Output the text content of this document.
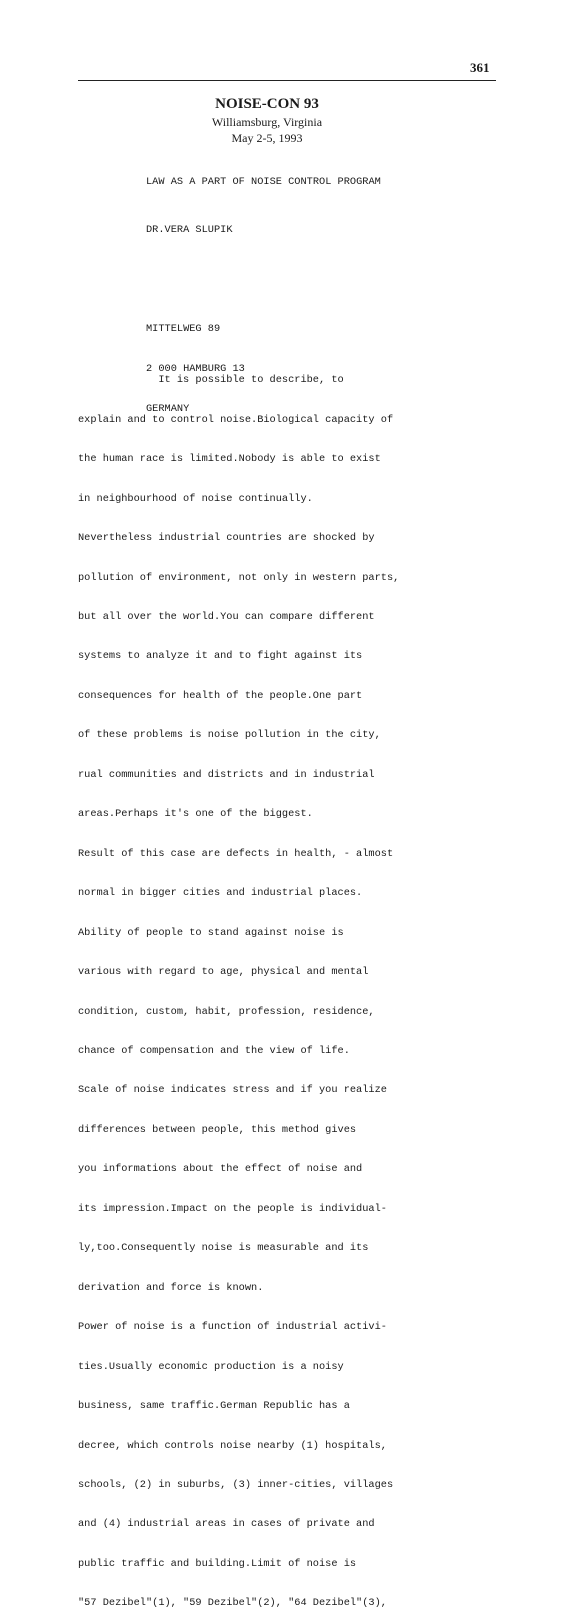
361
NOISE-CON 93
Williamsburg, Virginia
May 2-5, 1993
LAW AS A PART OF NOISE CONTROL PROGRAM
DR.VERA SLUPIK

MITTELWEG 89

2 000 HAMBURG 13

GERMANY

It is possible to describe, to

explain and to control noise.Biological capacity of

the human race is limited.Nobody is able to exist

in neighbourhood of noise continually.

Nevertheless industrial countries are shocked by

pollution of environment, not only in western parts,

but all over the world.You can compare different

systems to analyze it and to fight against its

consequences for health of the people.One part

of these problems is noise pollution in the city,

rual communities and districts and in industrial

areas.Perhaps it's one of the biggest.

Result of this case are defects in health, - almost

normal in bigger cities and industrial places.

Ability of people to stand against noise is

various with regard to age, physical and mental

condition, custom, habit, profession, residence,

chance of compensation and the view of life.

Scale of noise indicates stress and if you realize

differences between people, this method gives

you informations about the effect of noise and

its impression.Impact on the people is individual-

ly,too.Consequently noise is measurable and its

derivation and force is known.

Power of noise is a function of industrial activi-

ties.Usually economic production is a noisy

business, same traffic.German Republic has a

decree, which controls noise nearby (1) hospitals,

schools, (2) in suburbs, (3) inner-cities, villages

and (4) industrial areas in cases of private and

public traffic and building.Limit of noise is

"57 Dezibel"(1), "59 Dezibel"(2), "64 Dezibel"(3),
